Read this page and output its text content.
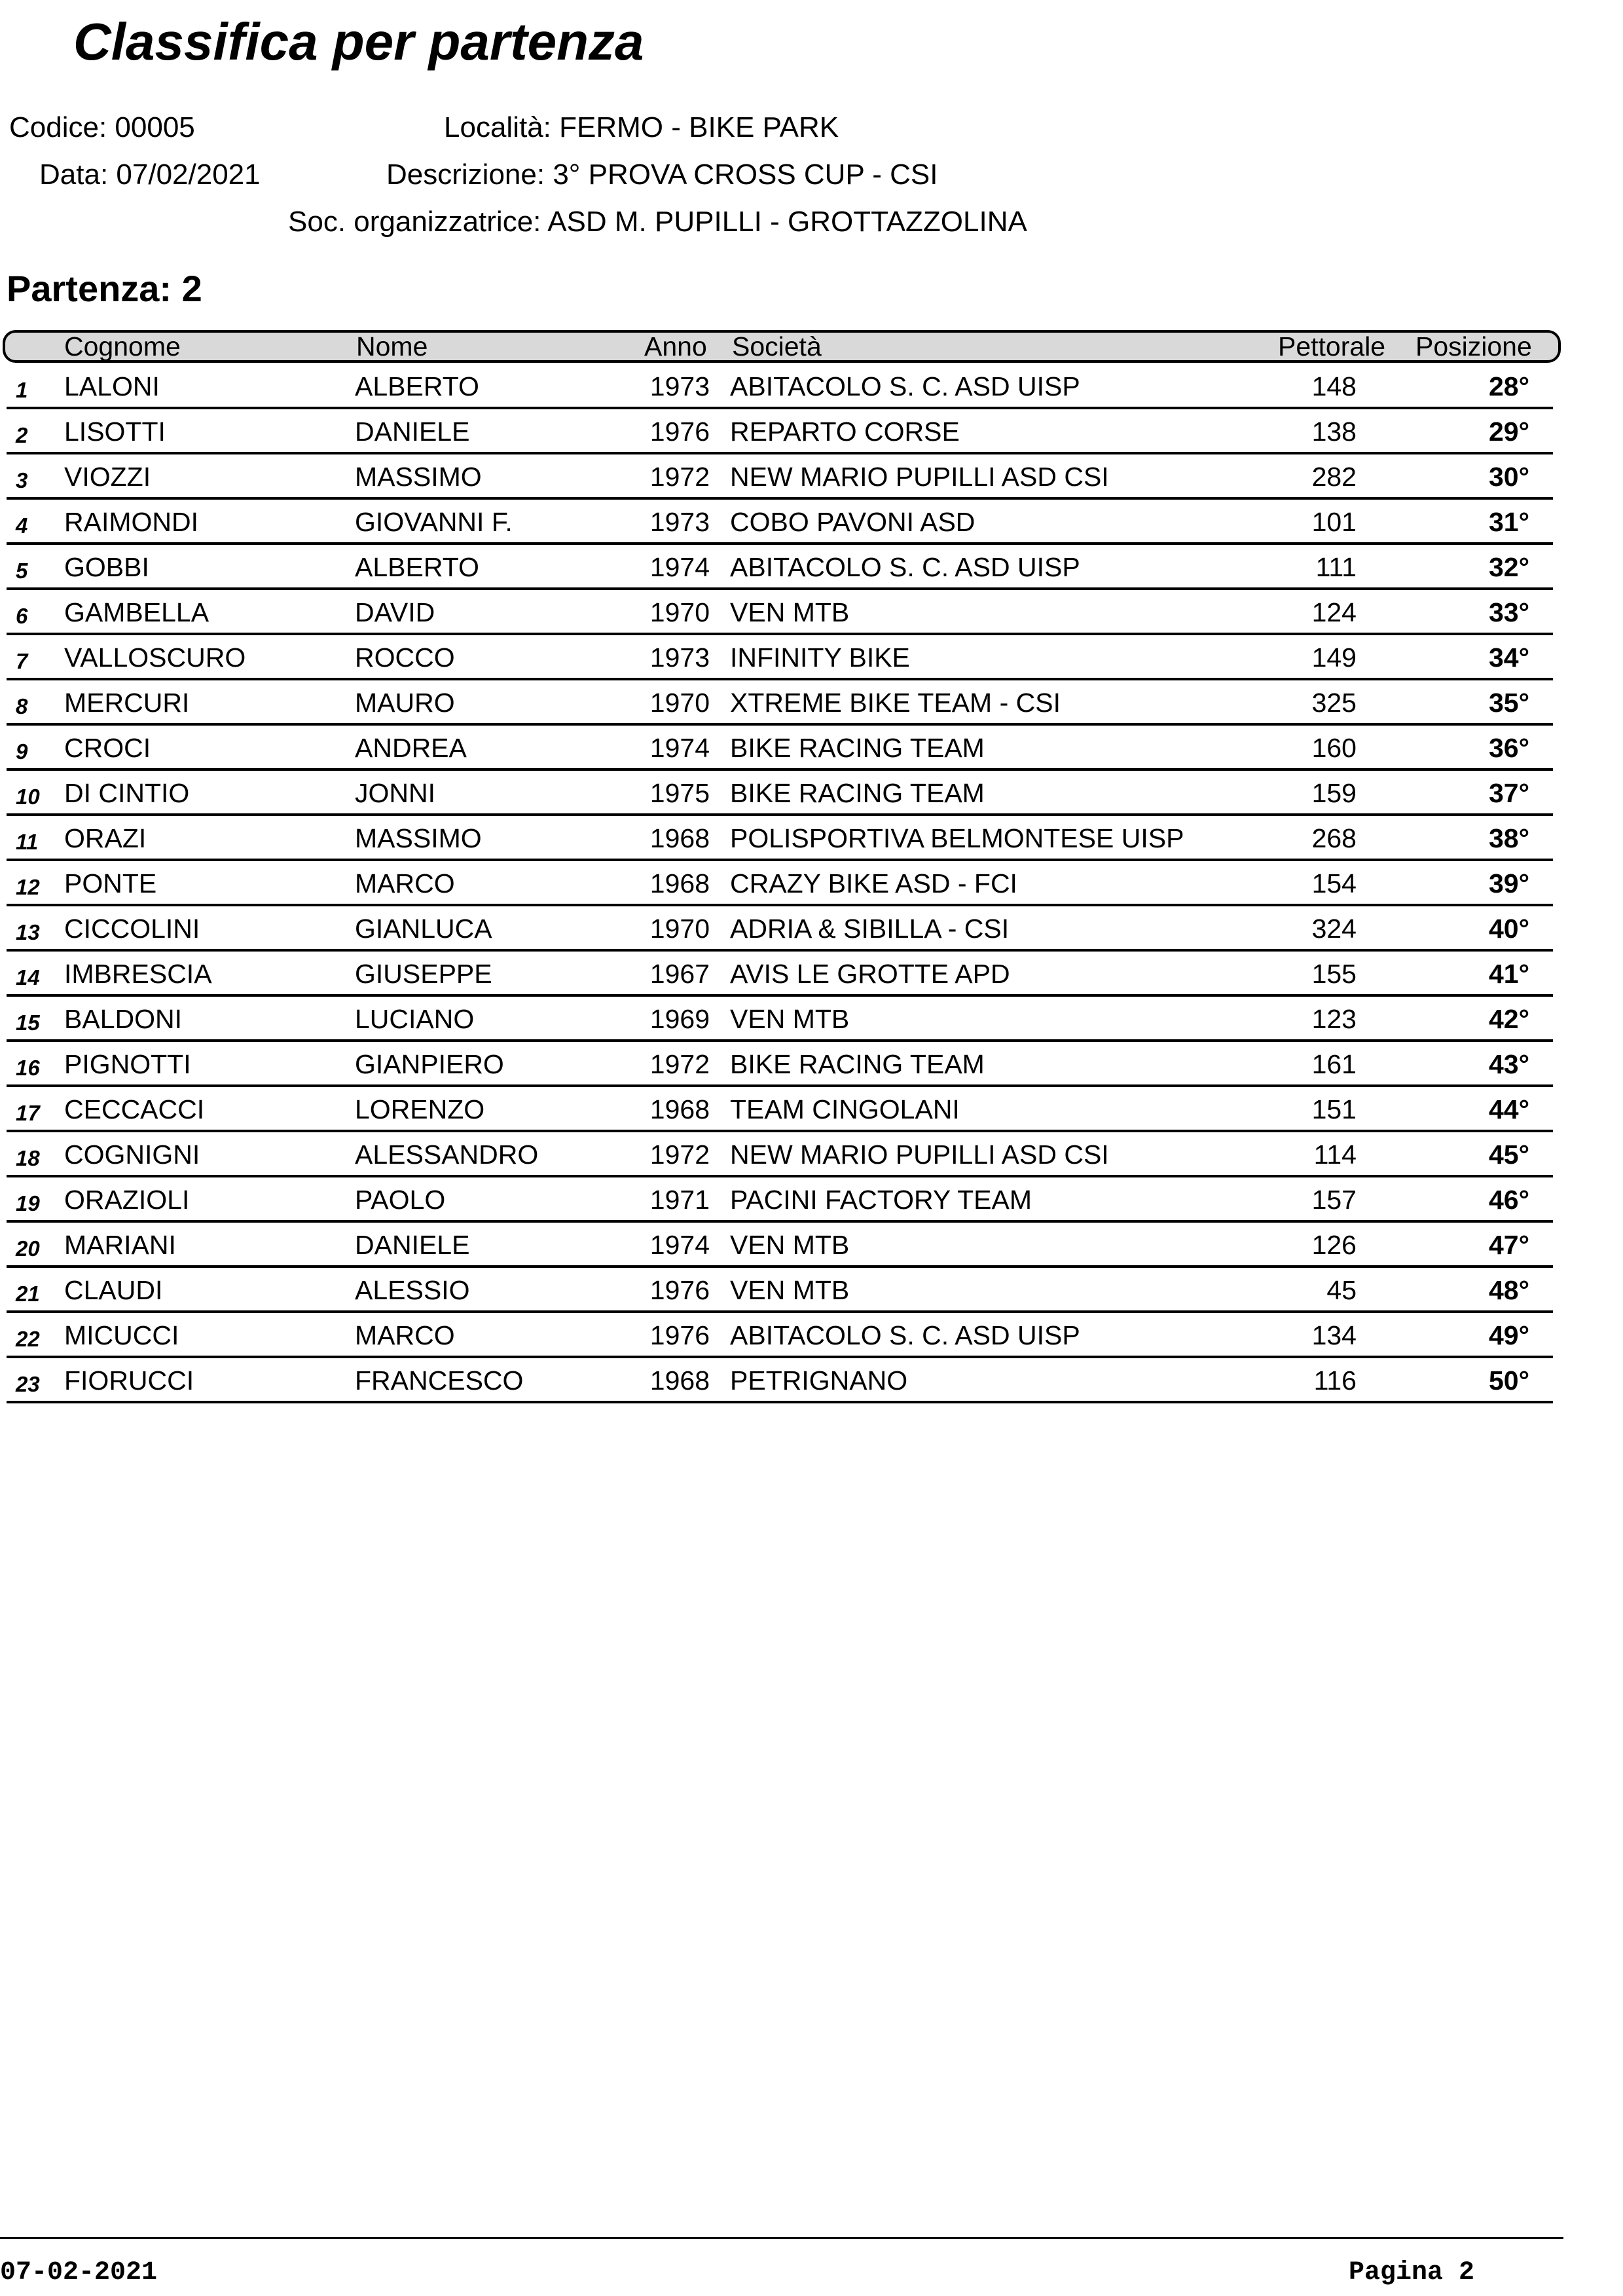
Classifica per partenza
Codice: 00005
Data: 07/02/2021
Località: FERMO - BIKE PARK
Descrizione: 3° PROVA CROSS CUP - CSI
Soc. organizzatrice: ASD M. PUPILLI - GROTTAZZOLINA
Partenza: 2
Cognome	Nome	Anno Società	Pettorale Posizione
1	LALONI	ALBERTO	1973 ABITACOLO S. C. ASD UISP	148	28°
2	LISOTTI	DANIELE	1976 REPARTO CORSE	138	29°
3	VIOZZI	MASSIMO	1972 NEW MARIO PUPILLI ASD CSI	282	30°
4	RAIMONDI	GIOVANNI F.	1973 COBO PAVONI ASD	101	31°
5	GOBBI	ALBERTO	1974 ABITACOLO S. C. ASD UISP	111	32°
6	GAMBELLA	DAVID	1970 VEN MTB	124	33°
7	VALLOSCURO	ROCCO	1973 INFINITY BIKE	149	34°
8	MERCURI	MAURO	1970 XTREME BIKE TEAM - CSI	325	35°
9	CROCI	ANDREA	1974 BIKE RACING TEAM	160	36°
10 DI CINTIO	JONNI	1975 BIKE RACING TEAM	159	37°
11 ORAZI	MASSIMO	1968 POLISPORTIVA BELMONTESE UISP	268	38°
12 PONTE	MARCO	1968 CRAZY BIKE ASD - FCI	154	39°
13 CICCOLINI	GIANLUCA	1970 ADRIA & SIBILLA - CSI	324	40°
14 IMBRESCIA	GIUSEPPE	1967 AVIS LE GROTTE APD	155	41°
15 BALDONI	LUCIANO	1969 VEN MTB	123	42°
16 PIGNOTTI	GIANPIERO	1972 BIKE RACING TEAM	161	43°
17 CECCACCI	LORENZO	1968 TEAM CINGOLANI	151	44°
18 COGNIGNI	ALESSANDRO	1972 NEW MARIO PUPILLI ASD CSI	114	45°
19 ORAZIOLI	PAOLO	1971 PACINI FACTORY TEAM	157	46°
20 MARIANI	DANIELE	1974 VEN MTB	126	47°
21 CLAUDI	ALESSIO	1976 VEN MTB	45	48°
22 MICUCCI	MARCO	1976 ABITACOLO S. C. ASD UISP	134	49°
23 FIORUCCI	FRANCESCO	1968 PETRIGNANO	116	50°
07-02-2021	Pagina 2
